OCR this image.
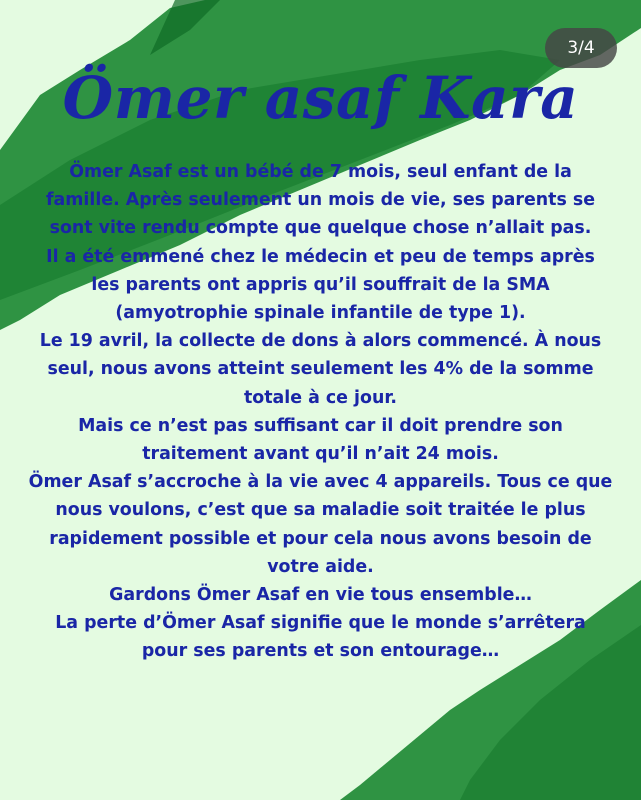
3/4
Ömer asaf Kara
Ömer Asaf est un bébé de 7 mois, seul enfant de la
famille. Après seulement un mois de vie, ses parents se
sont vite rendu compte que quelque chose n’allait pas.
Il a été emmené chez le médecin et peu de temps après
les parents ont appris qu’il souffrait de la SMA
(amyotrophie spinale infantile de type 1).
Le 19 avril, la collecte de dons à alors commencé. À nous
seul, nous avons atteint seulement les 4% de la somme
totale à ce jour.
Mais ce n’est pas suffisant car il doit prendre son
traitement avant qu’il n’ait 24 mois.
Ömer Asaf s’accroche à la vie avec 4 appareils. Tous ce que
nous voulons, c’est que sa maladie soit traitée le plus
rapidement possible et pour cela nous avons besoin de
votre aide.
Gardons Ömer Asaf en vie tous ensemble…
La perte d’Ömer Asaf signifie que le monde s’arrêtera
pour ses parents et son entourage…
